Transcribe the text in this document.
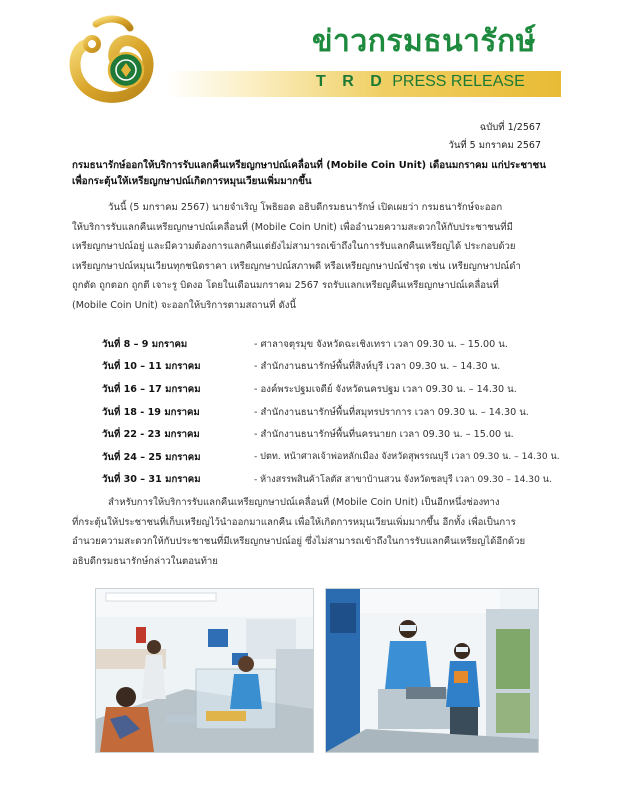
ข่าวกรมธนารักษ์
T R D PRESS RELEASE
ฉบับที่ 1/2567
วันที่ 5 มกราคม 2567
กรมธนารักษ์ออกให้บริการรับแลกคืนเหรียญกษาปณ์เคลื่อนที่ (Mobile Coin Unit) เดือนมกราคม แก่ประชาชน
เพื่อกระตุ้นให้เหรียญกษาปณ์เกิดการหมุนเวียนเพิ่มมากขึ้น
วันนี้ (5 มกราคม 2567) นายจำเริญ โพธิยอด อธิบดีกรมธนารักษ์ เปิดเผยว่า กรมธนารักษ์จะออก
ให้บริการรับแลกคืนเหรียญกษาปณ์เคลื่อนที่ (Mobile Coin Unit) เพื่ออำนวยความสะดวกให้กับประชาชนที่มี
เหรียญกษาปณ์อยู่ และมีความต้องการแลกคืนแต่ยังไม่สามารถเข้าถึงในการรับแลกคืนเหรียญได้ ประกอบด้วย
เหรียญกษาปณ์หมุนเวียนทุกชนิดราคา เหรียญกษาปณ์สภาพดี หรือเหรียญกษาปณ์ชำรุด เช่น เหรียญกษาปณ์ดำ
ถูกตัด ถูกตอก ถูกตี เจาะรู บิดงอ โดยในเดือนมกราคม 2567 รถรับแลกเหรียญคืนเหรียญกษาปณ์เคลื่อนที่
(Mobile Coin Unit) จะออกให้บริการตามสถานที่ ดังนี้
วันที่ 8 – 9 มกราคม	- ศาลาจตุรมุข จังหวัดฉะเชิงเทรา เวลา 09.30 น. – 15.00 น.
วันที่ 10 – 11 มกราคม	- สำนักงานธนารักษ์พื้นที่สิงห์บุรี เวลา 09.30 น. – 14.30 น.
วันที่ 16 – 17 มกราคม	- องค์พระปฐมเจดีย์ จังหวัดนครปฐม เวลา 09.30 น. – 14.30 น.
วันที่ 18 - 19 มกราคม	- สำนักงานธนารักษ์พื้นที่สมุทรปราการ เวลา 09.30 น. – 14.30 น.
วันที่ 22 - 23 มกราคม	- สำนักงานธนารักษ์พื้นที่นครนายก เวลา 09.30 น. – 15.00 น.
วันที่ 24 – 25 มกราคม	- ปตท. หน้าศาลเจ้าพ่อหลักเมือง จังหวัดสุพรรณบุรี เวลา 09.30 น. – 14.30 น.
วันที่ 30 – 31 มกราคม	- ห้างสรรพสินค้าโลตัส สาขาบ้านสวน จังหวัดชลบุรี เวลา 09.30 – 14.30 น.
สำหรับการให้บริการรับแลกคืนเหรียญกษาปณ์เคลื่อนที่ (Mobile Coin Unit) เป็นอีกหนึ่งช่องทาง
ที่กระตุ้นให้ประชาชนที่เก็บเหรียญไว้นำออกมาแลกคืน เพื่อให้เกิดการหมุนเวียนเพิ่มมากขึ้น อีกทั้ง เพื่อเป็นการ
อำนวยความสะดวกให้กับประชาชนที่มีเหรียญกษาปณ์อยู่ ซึ่งไม่สามารถเข้าถึงในการรับแลกคืนเหรียญได้อีกด้วย
อธิบดีกรมธนารักษ์กล่าวในตอนท้าย
